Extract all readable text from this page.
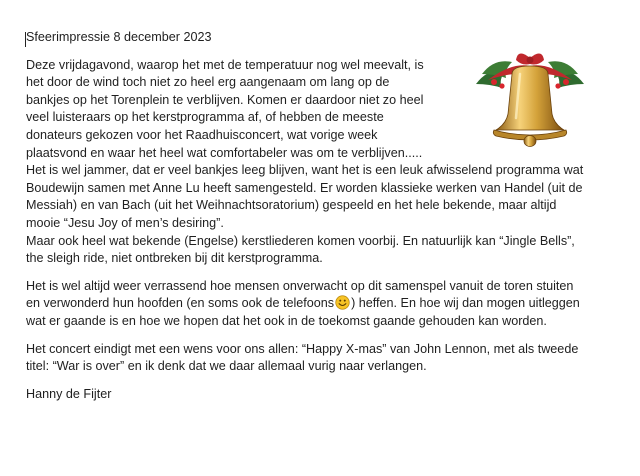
Sfeerimpressie 8 december 2023
Deze vrijdagavond, waarop het met de temperatuur nog wel meevalt, is
het door de wind toch niet zo heel erg aangenaam om lang op de
bankjes op het Torenplein te verblijven. Komen er daardoor niet zo heel
veel luisteraars op het kerstprogramma af, of hebben de meeste
donateurs gekozen voor het Raadhuisconcert, wat vorige week
plaatsvond en waar het heel wat comfortabeler was om te verblijven.....
Het is wel jammer, dat er veel bankjes leeg blijven, want het is een leuk afwisselend programma wat
Boudewijn samen met Anne Lu heeft samengesteld. Er worden klassieke werken van Handel (uit de
Messiah) en van Bach (uit het Weihnachtsoratorium) gespeeld en het hele bekende, maar altijd
mooie “Jesu Joy of men’s desiring”.
Maar ook heel wat bekende (Engelse) kerstliederen komen voorbij. En natuurlijk kan “Jingle Bells”,
the sleigh ride, niet ontbreken bij dit kerstprogramma.
Het is wel altijd weer verrassend hoe mensen onverwacht op dit samenspel vanuit de toren stuiten
en verwonderd hun hoofden (en soms ook de telefoons ) heffen. En hoe wij dan mogen uitleggen
wat er gaande is en hoe we hopen dat het ook in de toekomst gaande gehouden kan worden.
Het concert eindigt met een wens voor ons allen: “Happy X-mas” van John Lennon, met als tweede
titel: “War is over” en ik denk dat we daar allemaal vurig naar verlangen.
Hanny de Fijter
